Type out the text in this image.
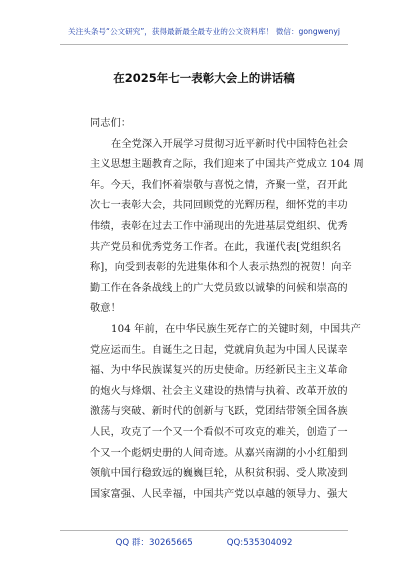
关注头条号“公文研究”，获得最新最全最专业的公文资料库！ 微信：gongwenyj
在2025年七一表彰大会上的讲话稿
同志们：
在全党深入开展学习贯彻习近平新时代中国特色社会
主义思想主题教育之际，我们迎来了中国共产党成立 104 周
年。今天，我们怀着崇敬与喜悦之情，齐聚一堂，召开此
次七一表彰大会，共同回顾党的光辉历程，细怀党的丰功
伟绩，表彰在过去工作中涌现出的先进基层党组织、优秀
共产党员和优秀党务工作者。在此，我谨代表[党组织名
称]，向受到表彰的先进集体和个人表示热烈的祝贺！向辛
勤工作在各条战线上的广大党员致以诚挚的问候和崇高的
敬意！
104 年前，在中华民族生死存亡的关键时刻，中国共产
党应运而生。自诞生之日起，党就肩负起为中国人民谋幸
福、为中华民族谋复兴的历史使命。历经新民主主义革命
的炮火与烽烟、社会主义建设的热情与执着、改革开放的
激荡与突破、新时代的创新与飞跃，党团结带领全国各族
人民，攻克了一个又一个看似不可攻克的难关，创造了一
个又一个彪炳史册的人间奇迹。从嘉兴南湖的小小红船到
领航中国行稳致远的巍巍巨轮，从积贫积弱、受人欺凌到
国家富强、人民幸福，中国共产党以卓越的领导力、强大
QQ 群：30265665	QQ:535304092
